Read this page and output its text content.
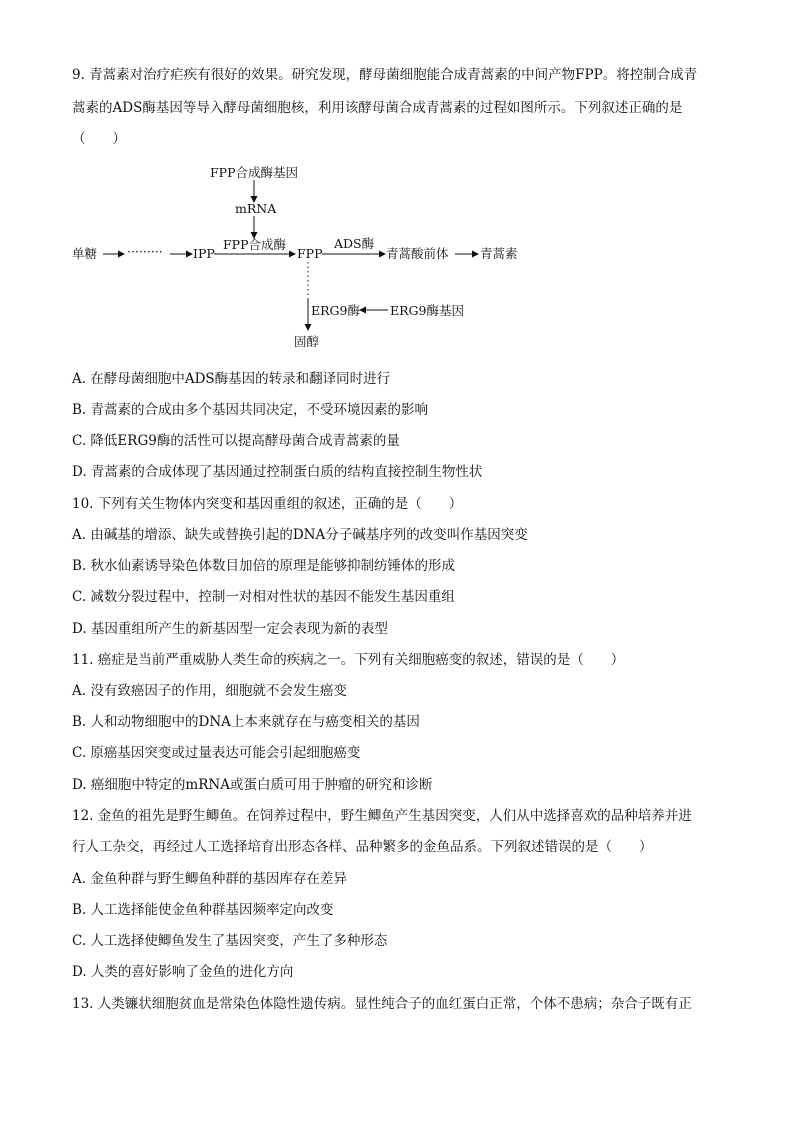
9. 青蒿素对治疗疟疾有很好的效果。研究发现，酵母菌细胞能合成青蒿素的中间产物FPP。将控制合成青
蒿素的ADS酶基因等导入酵母菌细胞核，利用该酵母菌合成青蒿素的过程如图所示。下列叙述正确的是
（　　）
FPP合成酶基因
mRNA
FPP合成酶
单糖 ········· IPP	FPP
ADS酶
青蒿酸前体	青蒿素
ERG9酶 ERG9酶基因
固醇
A. 在酵母菌细胞中ADS酶基因的转录和翻译同时进行
B. 青蒿素的合成由多个基因共同决定，不受环境因素的影响
C. 降低ERG9酶的活性可以提高酵母菌合成青蒿素的量
D. 青蒿素的合成体现了基因通过控制蛋白质的结构直接控制生物性状
10. 下列有关生物体内突变和基因重组的叙述，正确的是（　　）
A. 由碱基的增添、缺失或替换引起的DNA分子碱基序列的改变叫作基因突变
B. 秋水仙素诱导染色体数目加倍的原理是能够抑制纺锤体的形成
C. 减数分裂过程中，控制一对相对性状的基因不能发生基因重组
D. 基因重组所产生的新基因型一定会表现为新的表型
11. 癌症是当前严重威胁人类生命的疾病之一。下列有关细胞癌变的叙述，错误的是（　　）
A. 没有致癌因子的作用，细胞就不会发生癌变
B. 人和动物细胞中的DNA上本来就存在与癌变相关的基因
C. 原癌基因突变或过量表达可能会引起细胞癌变
D. 癌细胞中特定的mRNA或蛋白质可用于肿瘤的研究和诊断
12. 金鱼的祖先是野生鲫鱼。在饲养过程中，野生鲫鱼产生基因突变，人们从中选择喜欢的品种培养并进
行人工杂交，再经过人工选择培育出形态各样、品种繁多的金鱼品系。下列叙述错误的是（　　）
A. 金鱼种群与野生鲫鱼种群的基因库存在差异
B. 人工选择能使金鱼种群基因频率定向改变
C. 人工选择使鲫鱼发生了基因突变，产生了多种形态
D. 人类的喜好影响了金鱼的进化方向
13. 人类镰状细胞贫血是常染色体隐性遗传病。显性纯合子的血红蛋白正常，个体不患病；杂合子既有正
